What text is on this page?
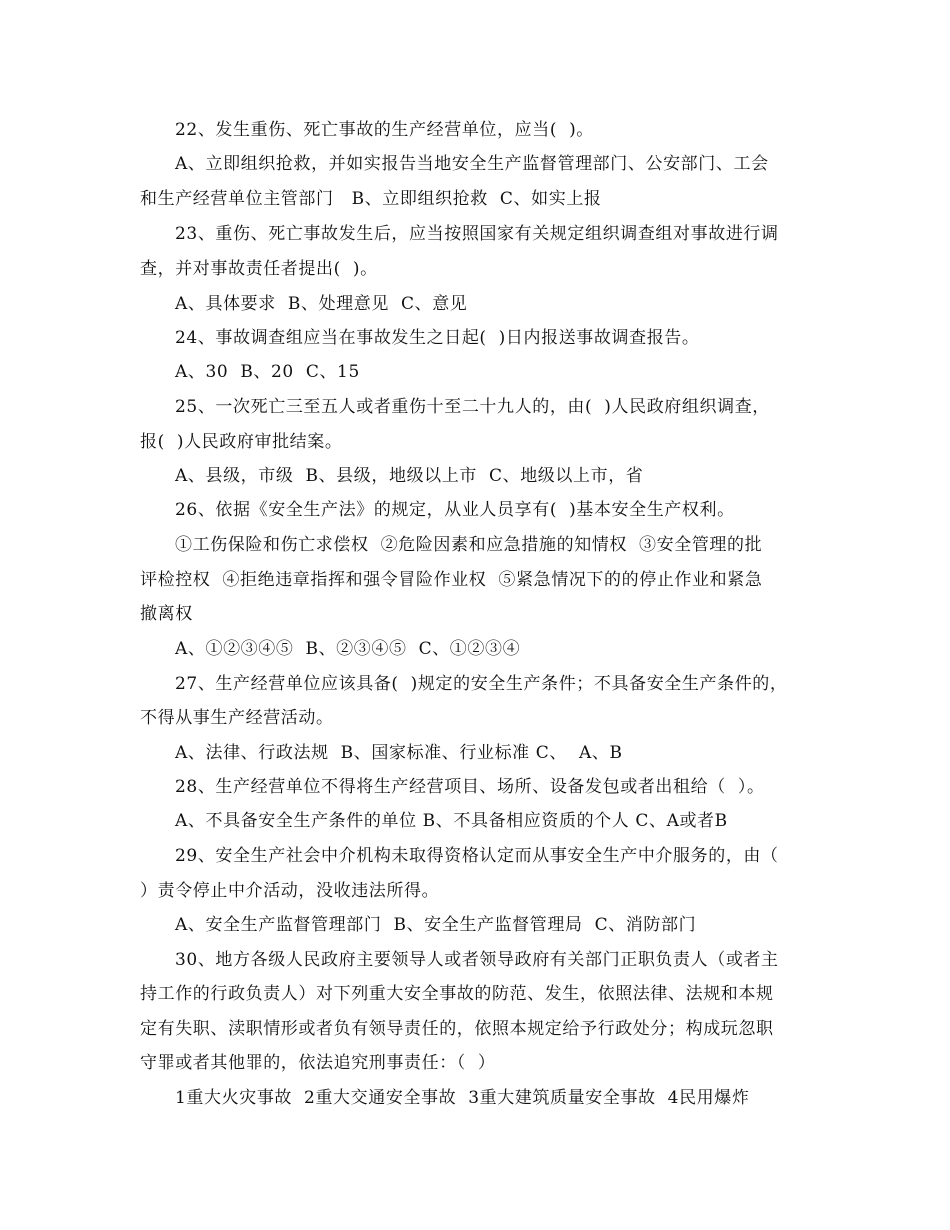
22、发生重伤、死亡事故的生产经营单位，应当(  )。
A、立即组织抢救，并如实报告当地安全生产监督管理部门、公安部门、工会
和生产经营单位主管部门   B、立即组织抢救  C、如实上报
23、重伤、死亡事故发生后，应当按照国家有关规定组织调查组对事故进行调
查，并对事故责任者提出(  )。
A、具体要求  B、处理意见  C、意见
24、事故调查组应当在事故发生之日起(  )日内报送事故调查报告。
A、30  B、20  C、15
25、一次死亡三至五人或者重伤十至二十九人的，由(  )人民政府组织调查，
报(  )人民政府审批结案。
A、县级，市级  B、县级，地级以上市  C、地级以上市，省
26、依据《安全生产法》的规定，从业人员享有(  )基本安全生产权利。
①工伤保险和伤亡求偿权  ②危险因素和应急措施的知情权  ③安全管理的批
评检控权  ④拒绝违章指挥和强令冒险作业权  ⑤紧急情况下的的停止作业和紧急
撤离权
A、①②③④⑤  B、②③④⑤  C、①②③④
27、生产经营单位应该具备(  )规定的安全生产条件；不具备安全生产条件的，
不得从事生产经营活动。
A、法律、行政法规  B、国家标准、行业标准 C、  A、B
28、生产经营单位不得将生产经营项目、场所、设备发包或者出租给（  ）。
A、不具备安全生产条件的单位 B、不具备相应资质的个人 C、A或者B
29、安全生产社会中介机构未取得资格认定而从事安全生产中介服务的，由（
）责令停止中介活动，没收违法所得。
A、安全生产监督管理部门  B、安全生产监督管理局  C、消防部门
30、地方各级人民政府主要领导人或者领导政府有关部门正职负责人（或者主
持工作的行政负责人）对下列重大安全事故的防范、发生，依照法律、法规和本规
定有失职、渎职情形或者负有领导责任的，依照本规定给予行政处分；构成玩忽职
守罪或者其他罪的，依法追究刑事责任：（  ）
1重大火灾事故  2重大交通安全事故  3重大建筑质量安全事故  4民用爆炸
